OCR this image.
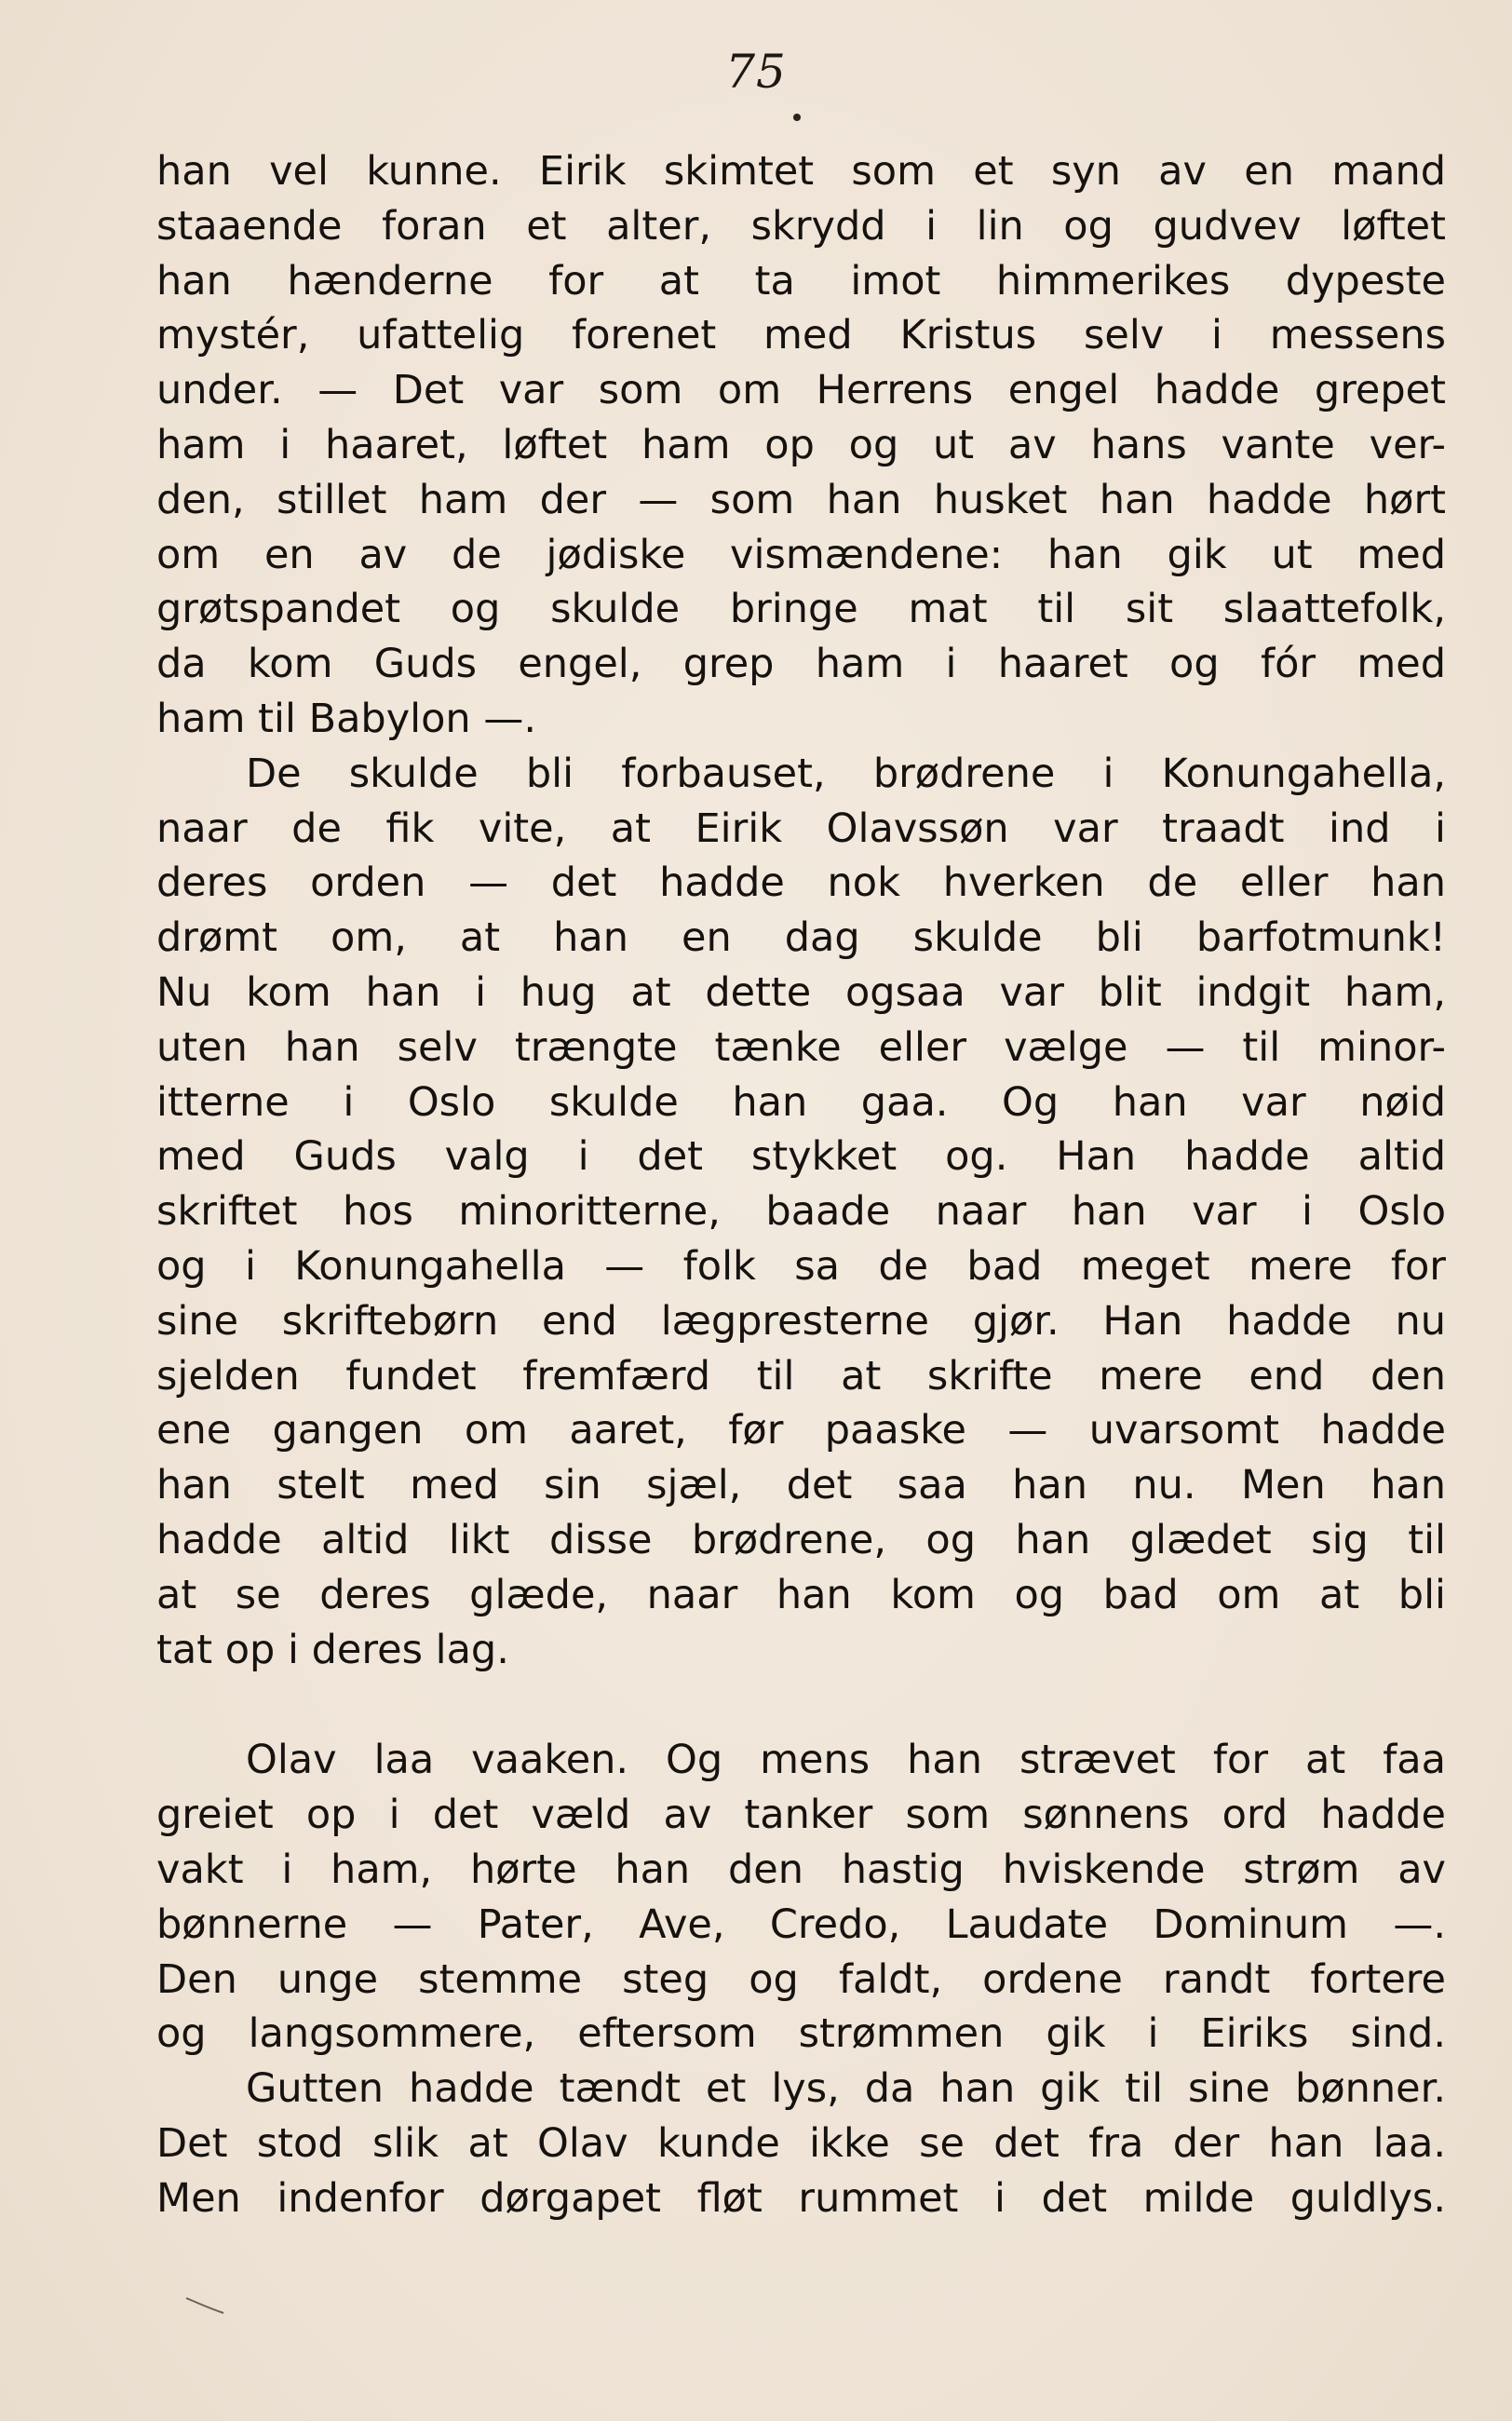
75
han vel kunne. Eirik skimtet som et syn av en mand
staaende foran et alter, skrydd i lin og gudvev løftet
han hænderne for at ta imot himmerikes dypeste
mystér, ufattelig forenet med Kristus selv i messens
under. — Det var som om Herrens engel hadde grepet
ham i haaret, løftet ham op og ut av hans vante ver-
den, stillet ham der — som han husket han hadde hørt
om en av de jødiske vismændene: han gik ut med
grøtspandet og skulde bringe mat til sit slaattefolk,
da kom Guds engel, grep ham i haaret og fór med
ham til Babylon —.
De skulde bli forbauset, brødrene i Konungahella,
naar de fik vite, at Eirik Olavssøn var traadt ind i
deres orden — det hadde nok hverken de eller han
drømt om, at han en dag skulde bli barfotmunk!
Nu kom han i hug at dette ogsaa var blit indgit ham,
uten han selv trængte tænke eller vælge — til minor-
itterne i Oslo skulde han gaa. Og han var nøid
med Guds valg i det stykket og. Han hadde altid
skriftet hos minoritterne, baade naar han var i Oslo
og i Konungahella — folk sa de bad meget mere for
sine skriftebørn end lægpresterne gjør. Han hadde nu
sjelden fundet fremfærd til at skrifte mere end den
ene gangen om aaret, før paaske — uvarsomt hadde
han stelt med sin sjæl, det saa han nu. Men han
hadde altid likt disse brødrene, og han glædet sig til
at se deres glæde, naar han kom og bad om at bli
tat op i deres lag.
Olav laa vaaken. Og mens han strævet for at faa
greiet op i det væld av tanker som sønnens ord hadde
vakt i ham, hørte han den hastig hviskende strøm av
bønnerne — Pater, Ave, Credo, Laudate Dominum —.
Den unge stemme steg og faldt, ordene randt fortere
og langsommere, eftersom strømmen gik i Eiriks sind.
Gutten hadde tændt et lys, da han gik til sine bønner.
Det stod slik at Olav kunde ikke se det fra der han laa.
Men indenfor dørgapet fløt rummet i det milde guldlys.
